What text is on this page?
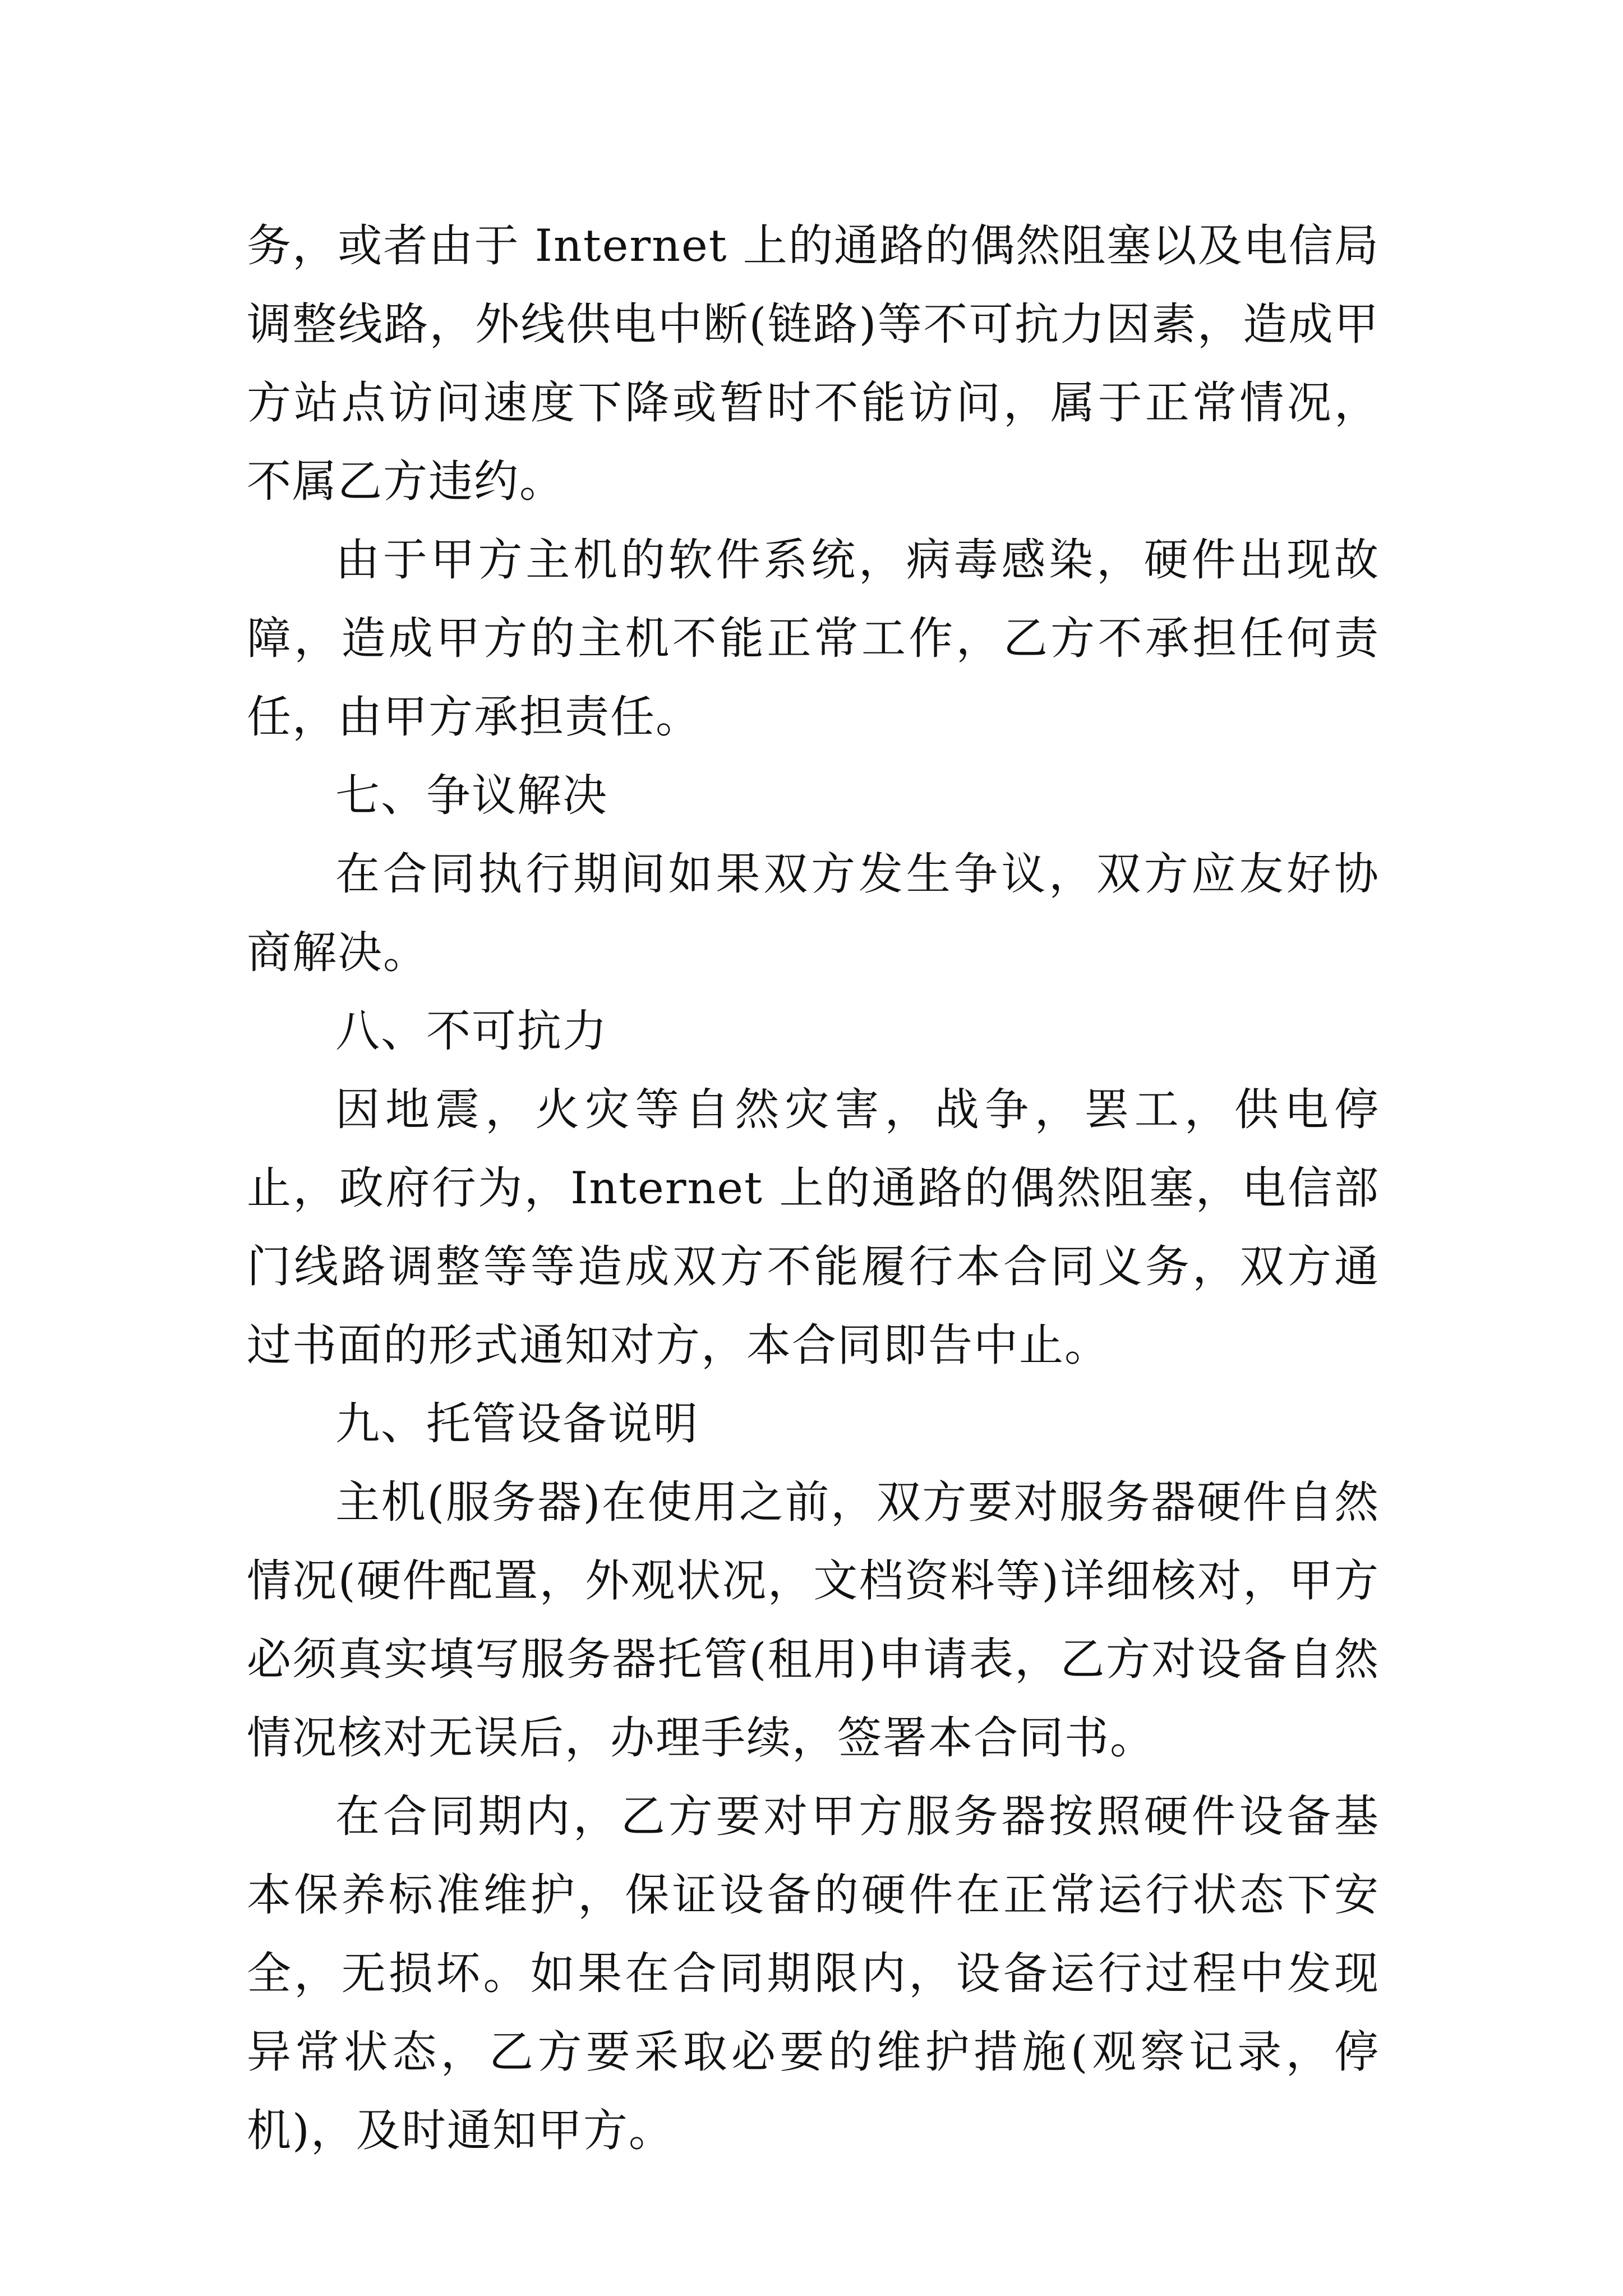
务，或者由于 Internet 上的通路的偶然阻塞以及电信局调整线路，外线供电中断(链路)等不可抗力因素，造成甲方站点访问速度下降或暂时不能访问，属于正常情况，不属乙方违约。

由于甲方主机的软件系统，病毒感染，硬件出现故障，造成甲方的主机不能正常工作，乙方不承担任何责任，由甲方承担责任。

七、争议解决

在合同执行期间如果双方发生争议，双方应友好协商解决。

八、不可抗力

因地震，火灾等自然灾害，战争，罢工，供电停止，政府行为，Internet 上的通路的偶然阻塞，电信部门线路调整等等造成双方不能履行本合同义务，双方通过书面的形式通知对方，本合同即告中止。

九、托管设备说明

主机(服务器)在使用之前，双方要对服务器硬件自然情况(硬件配置，外观状况，文档资料等)详细核对，甲方必须真实填写服务器托管(租用)申请表，乙方对设备自然情况核对无误后，办理手续，签署本合同书。

在合同期内，乙方要对甲方服务器按照硬件设备基本保养标准维护，保证设备的硬件在正常运行状态下安全，无损坏。如果在合同期限内，设备运行过程中发现异常状态，乙方要采取必要的维护措施(观察记录，停机)，及时通知甲方。
